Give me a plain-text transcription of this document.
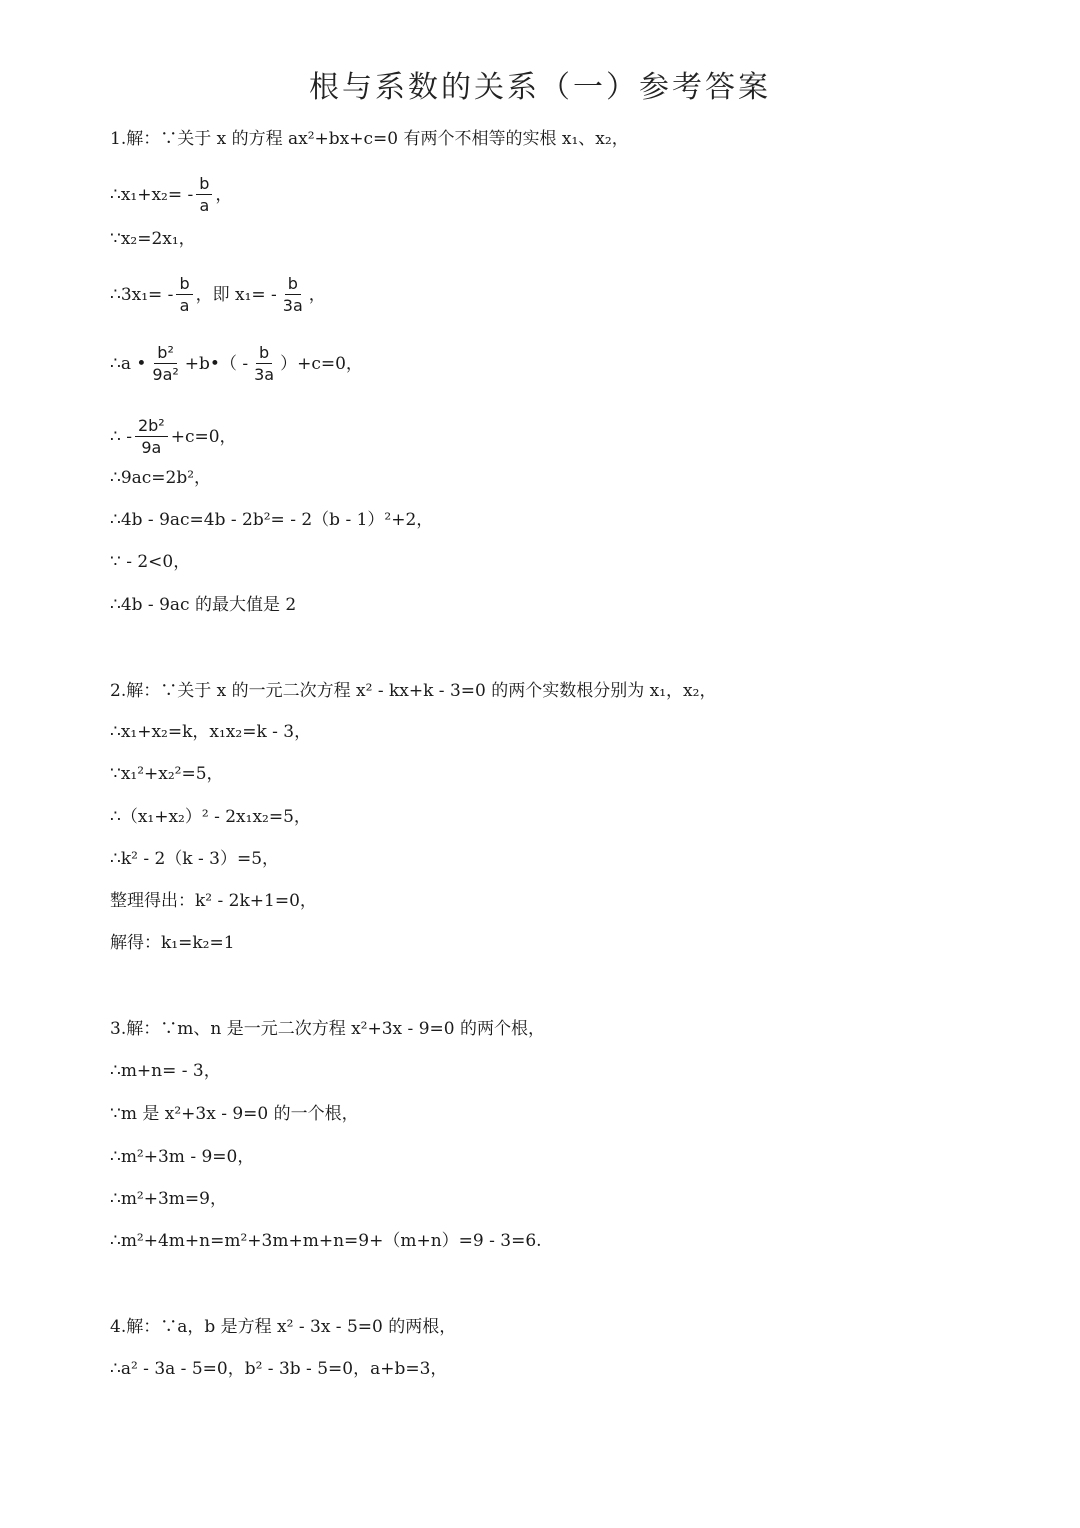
根与系数的关系（一）参考答案
1.解：∵关于 x 的方程 ax²+bx+c=0 有两个不相等的实根 x₁、x₂，
∴x₁+x₂= - $\frac{b}{a}$ ，
∵x₂=2x₁，
∴3x₁= - $\frac{b}{a}$ ，即 $x_1= - \frac{b}{3a}$ ，
∴a • $\frac{\text{b²}}{\text{9a²}}$ +b•（ - $\frac{b}{3a} )+c=0$，
∴ - $\frac{\text{2b²}}{9a} +c=0$，
∴9ac=2b²，
∴4b - 9ac=4b - 2b²= - 2（b - 1）²+2，
∵ - 2<0，
∴4b - 9ac 的最大值是 2
2.解：∵关于 x 的一元二次方程 x² - kx+k - 3=0 的两个实数根分别为 x₁，x₂，
∴x₁+x₂=k，x₁x₂=k - 3，
∵x₁²+x₂²=5，
∴（x₁+x₂）² - 2x₁x₂=5，
∴k² - 2（k - 3）=5，
整理得出：k² - 2k+1=0，
解得：k₁=k₂=1
3.解：∵m、n 是一元二次方程 x²+3x - 9=0 的两个根，
∴m+n= - 3，
∵m 是 x²+3x - 9=0 的一个根，
∴m²+3m - 9=0，
∴m²+3m=9，
∴m²+4m+n=m²+3m+m+n=9+（m+n）=9 - 3=6.
4.解：∵a，b 是方程 x² - 3x - 5=0 的两根，
∴a² - 3a - 5=0，b² - 3b - 5=0，a+b=3，
